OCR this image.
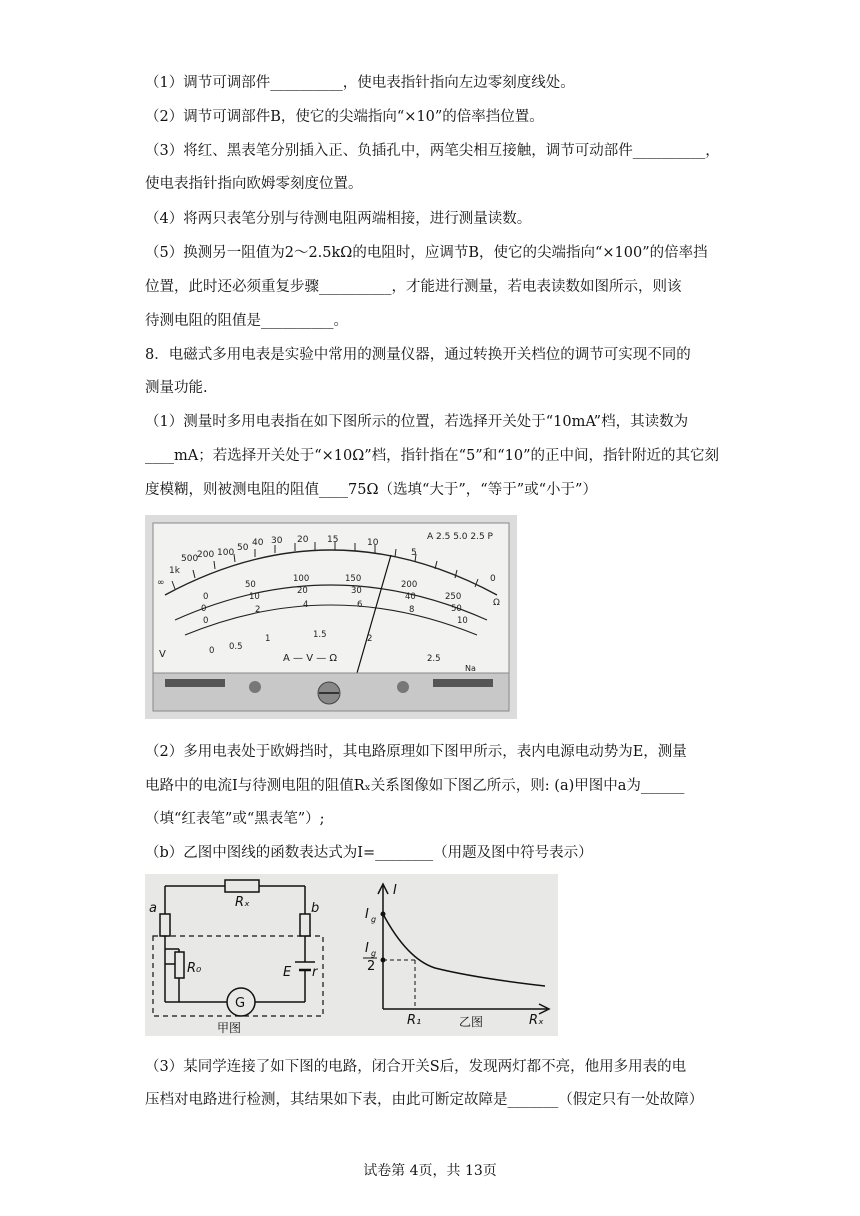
（1）调节可调部件__________，使电表指针指向左边零刻度线处。
（2）调节可调部件B，使它的尖端指向“×10”的倍率挡位置。
（3）将红、黑表笔分别插入正、负插孔中，两笔尖相互接触，调节可动部件__________，
使电表指针指向欧姆零刻度位置。
（4）将两只表笔分别与待测电阻两端相接，进行测量读数。
（5）换测另一阻值为2～2.5kΩ的电阻时，应调节B，使它的尖端指向“×100”的倍率挡
位置，此时还必须重复步骤__________，才能进行测量，若电表读数如图所示，则该
待测电阻的阻值是__________。
8．电磁式多用电表是实验中常用的测量仪器，通过转换开关档位的调节可实现不同的
测量功能.
（1）测量时多用电表指在如下图所示的位置，若选择开关处于“10mA”档，其读数为
____mA；若选择开关处于“×10Ω”档，指针指在“5”和“10”的正中间，指针附近的其它刻
度模糊，则被测电阻的阻值____75Ω（选填“大于”，“等于”或“小于”）
∞
1k
500
200 100 50 40 30 20 15	10
5
0
Ω
A 2.5 5.0 2.5 P
0
50
100	150
200
250
0
10
20	30
40
50
0
2	4	6	8
10
0 0.5
1	1.5	2
2.5
V	A — V — Ω
Na
（2）多用电表处于欧姆挡时，其电路原理如下图甲所示，表内电源电动势为E，测量
电路中的电流I与待测电阻的阻值Rₓ关系图像如下图乙所示，则: (a)甲图中a为______
（填“红表笔”或“黑表笔”）;
（b）乙图中图线的函数表达式为I=________（用题及图中符号表示）
Rₓ
a	b
R₀	E r
G
甲图
I
Rₓ
I g
I g
2
R₁	乙图
（3）某同学连接了如下图的电路，闭合开关S后，发现两灯都不亮，他用多用表的电
压档对电路进行检测，其结果如下表，由此可断定故障是_______（假定只有一处故障）
试卷第 4页，共 13页
